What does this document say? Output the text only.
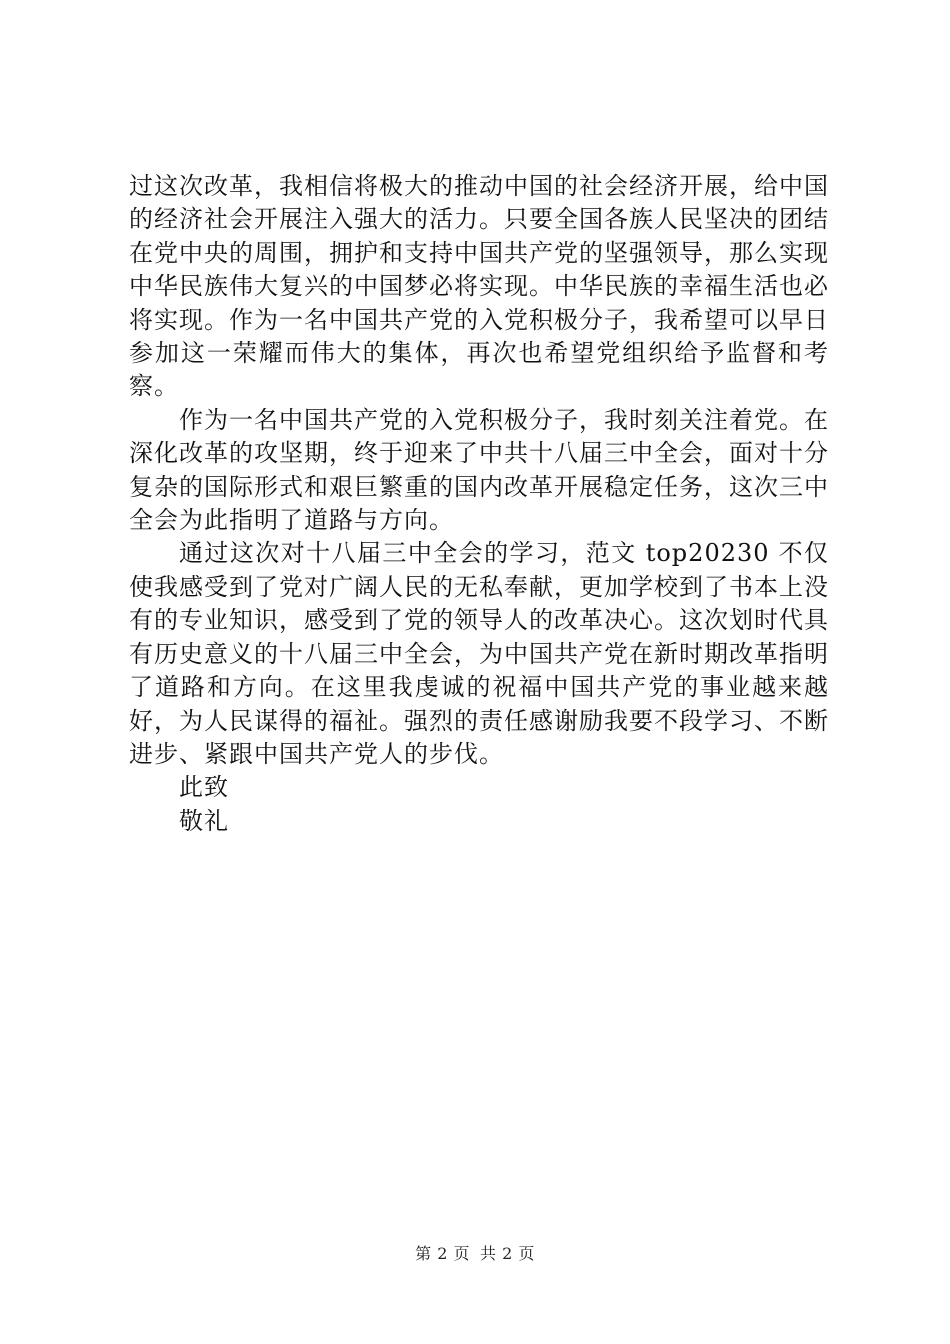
过这次改革，我相信将极大的推动中国的社会经济开展，给中国的经济社会开展注入强大的活力。只要全国各族人民坚决的团结在党中央的周围，拥护和支持中国共产党的坚强领导，那么实现中华民族伟大复兴的中国梦必将实现。中华民族的幸福生活也必将实现。作为一名中国共产党的入党积极分子，我希望可以早日参加这一荣耀而伟大的集体，再次也希望党组织给予监督和考察。

作为一名中国共产党的入党积极分子，我时刻关注着党。在深化改革的攻坚期，终于迎来了中共十八届三中全会，面对十分复杂的国际形式和艰巨繁重的国内改革开展稳定任务，这次三中全会为此指明了道路与方向。

通过这次对十八届三中全会的学习，范文 top20230 不仅使我感受到了党对广阔人民的无私奉献，更加学校到了书本上没有的专业知识，感受到了党的领导人的改革决心。这次划时代具有历史意义的十八届三中全会，为中国共产党在新时期改革指明了道路和方向。在这里我虔诚的祝福中国共产党的事业越来越好，为人民谋得的福祉。强烈的责任感谢励我要不段学习、不断进步、紧跟中国共产党人的步伐。

此致

敬礼

第 2 页 共 2 页
